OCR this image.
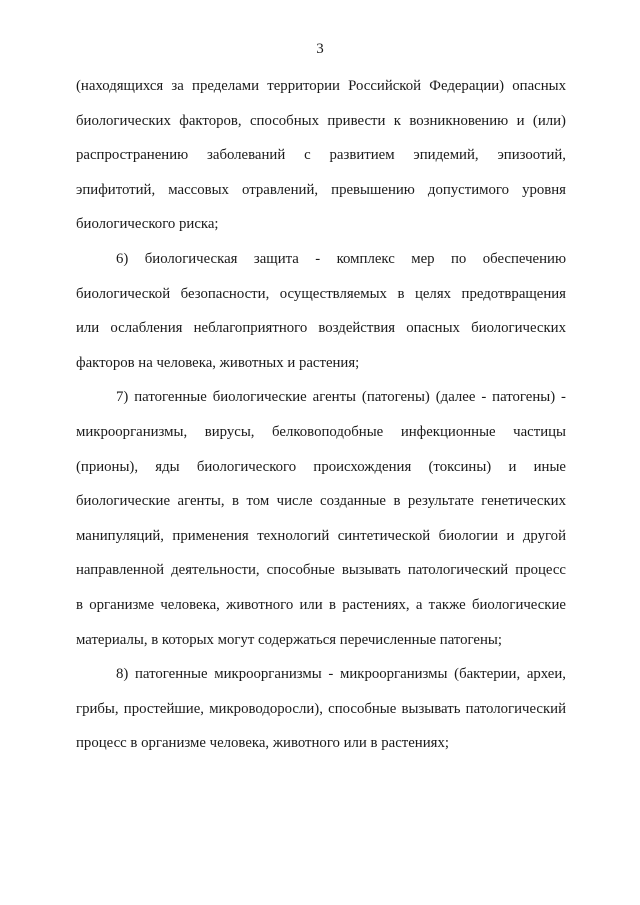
3
(находящихся за пределами территории Российской Федерации) опасных
биологических факторов, способных привести к возникновению и (или)
распространению заболеваний с развитием эпидемий, эпизоотий,
эпифитотий, массовых отравлений, превышению допустимого уровня
биологического риска;
6) биологическая защита - комплекс мер по обеспечению
биологической безопасности, осуществляемых в целях предотвращения
или ослабления неблагоприятного воздействия опасных биологических
факторов на человека, животных и растения;
7) патогенные биологические агенты (патогены) (далее - патогены) -
микроорганизмы, вирусы, белковоподобные инфекционные частицы
(прионы), яды биологического происхождения (токсины) и иные
биологические агенты, в том числе созданные в результате генетических
манипуляций, применения технологий синтетической биологии и другой
направленной деятельности, способные вызывать патологический процесс
в организме человека, животного или в растениях, а также биологические
материалы, в которых могут содержаться перечисленные патогены;
8) патогенные микроорганизмы - микроорганизмы (бактерии, археи,
грибы, простейшие, микроводоросли), способные вызывать патологический
процесс в организме человека, животного или в растениях;
